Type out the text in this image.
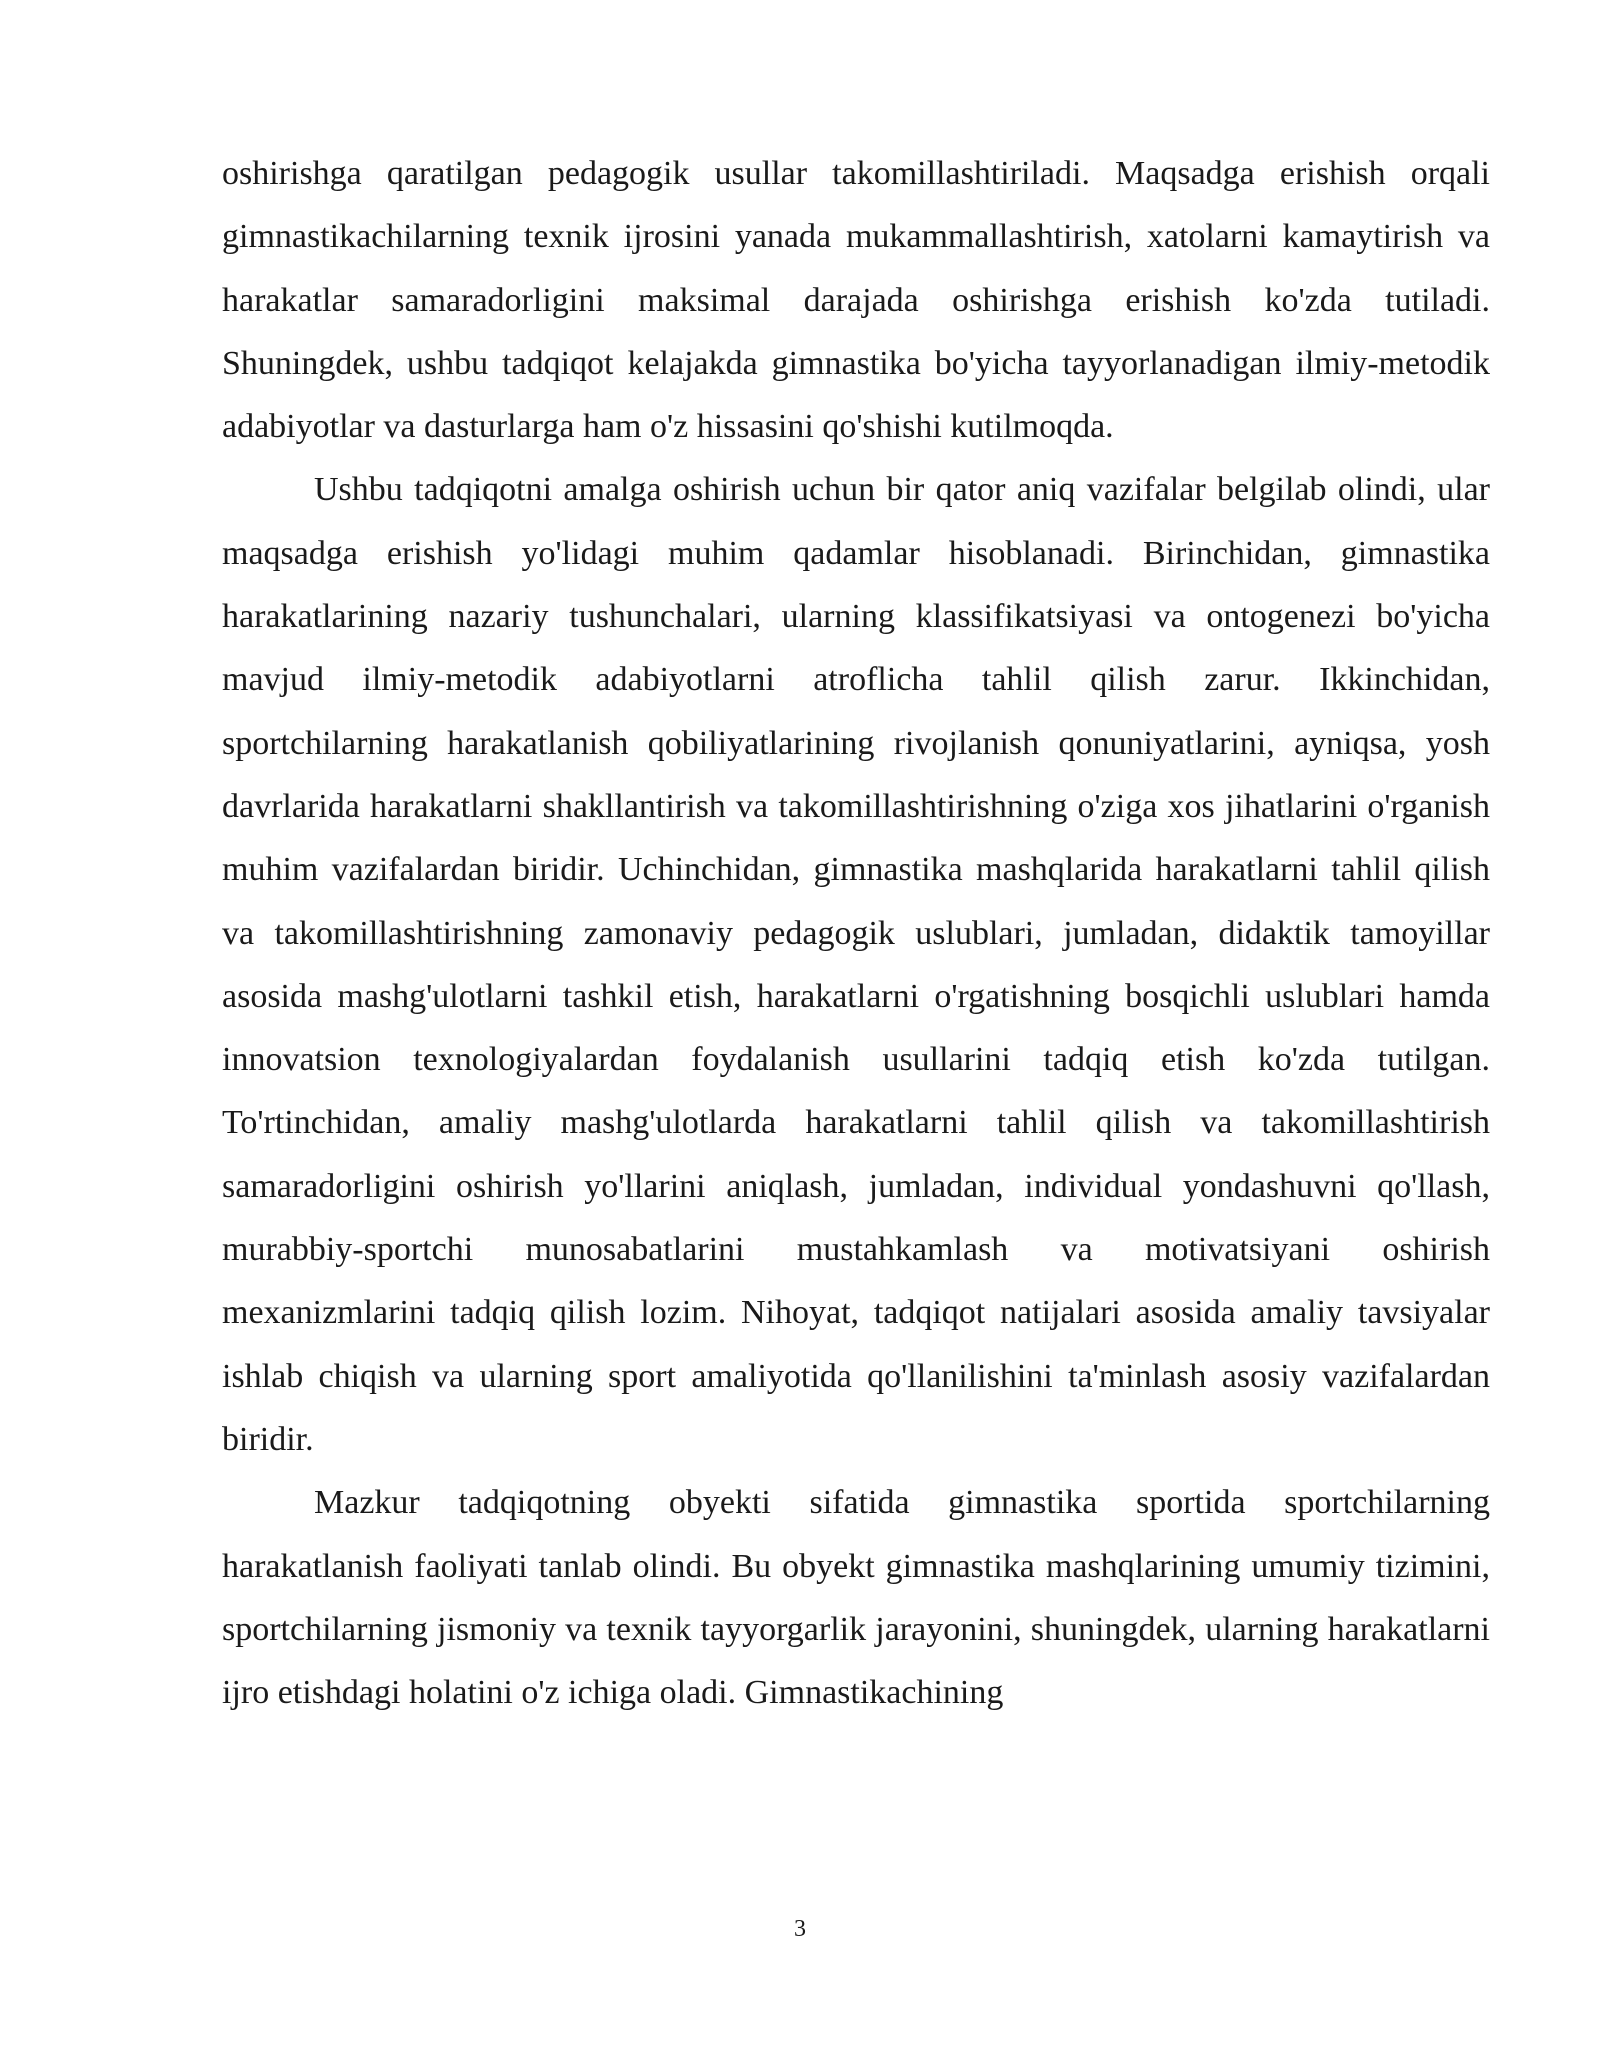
oshirishga qaratilgan pedagogik usullar takomillashtiriladi. Maqsadga erishish orqali gimnastikachilarning texnik ijrosini yanada mukammallashtirish, xatolarni kamaytirish va harakatlar samaradorligini maksimal darajada oshirishga erishish ko'zda tutiladi. Shuningdek, ushbu tadqiqot kelajakda gimnastika bo'yicha tayyorlanadigan ilmiy-metodik adabiyotlar va dasturlarga ham o'z hissasini qo'shishi kutilmoqda.

Ushbu tadqiqotni amalga oshirish uchun bir qator aniq vazifalar belgilab olindi, ular maqsadga erishish yo'lidagi muhim qadamlar hisoblanadi. Birinchidan, gimnastika harakatlarining nazariy tushunchalari, ularning klassifikatsiyasi va ontogenezi bo'yicha mavjud ilmiy-metodik adabiyotlarni atroflicha tahlil qilish zarur. Ikkinchidan, sportchilarning harakatlanish qobiliyatlarining rivojlanish qonuniyatlarini, ayniqsa, yosh davrlarida harakatlarni shakllantirish va takomillashtirishning o'ziga xos jihatlarini o'rganish muhim vazifalardan biridir. Uchinchidan, gimnastika mashqlarida harakatlarni tahlil qilish va takomillashtirishning zamonaviy pedagogik uslublari, jumladan, didaktik tamoyillar asosida mashg'ulotlarni tashkil etish, harakatlarni o'rgatishning bosqichli uslublari hamda innovatsion texnologiyalardan foydalanish usullarini tadqiq etish ko'zda tutilgan. To'rtinchidan, amaliy mashg'ulotlarda harakatlarni tahlil qilish va takomillashtirish samaradorligini oshirish yo'llarini aniqlash, jumladan, individual yondashuvni qo'llash, murabbiy-sportchi munosabatlarini mustahkamlash va motivatsiyani oshirish mexanizmlarini tadqiq qilish lozim. Nihoyat, tadqiqot natijalari asosida amaliy tavsiyalar ishlab chiqish va ularning sport amaliyotida qo'llanilishini ta'minlash asosiy vazifalardan biridir.

Mazkur tadqiqotning obyekti sifatida gimnastika sportida sportchilarning harakatlanish faoliyati tanlab olindi. Bu obyekt gimnastika mashqlarining umumiy tizimini, sportchilarning jismoniy va texnik tayyorgarlik jarayonini, shuningdek, ularning harakatlarni ijro etishdagi holatini o'z ichiga oladi. Gimnastikachining

3
